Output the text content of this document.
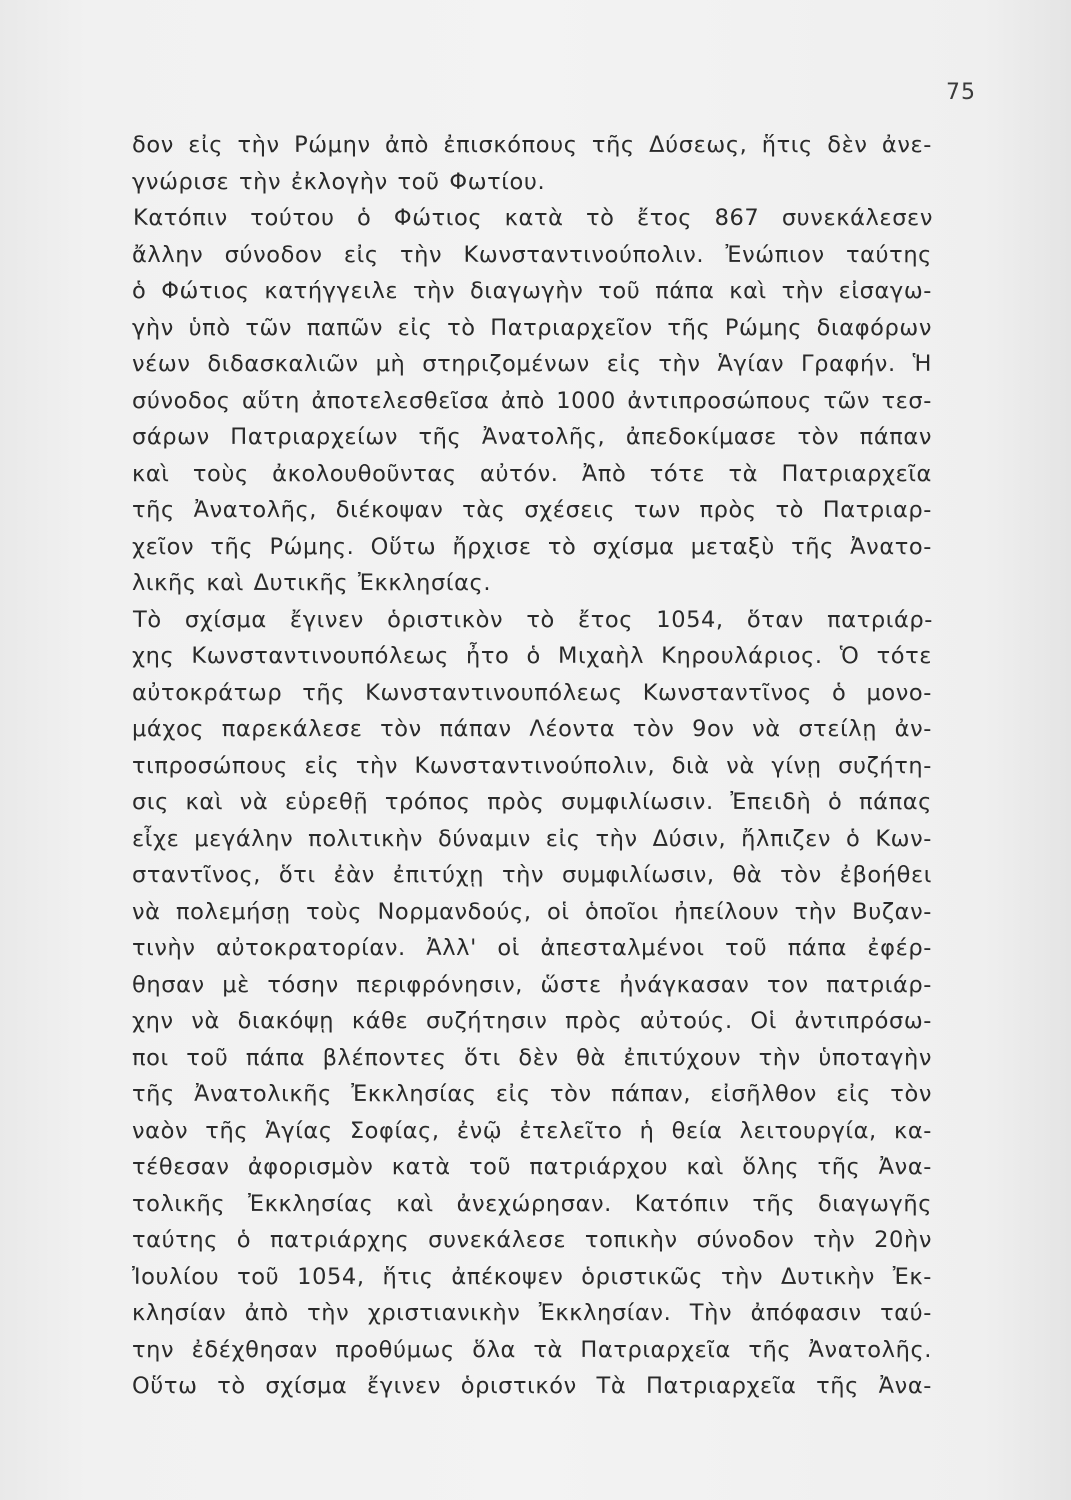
75
δον εἰς τὴν Ρώμην ἀπὸ ἐπισκόπους τῆς Δύσεως, ἥτις δὲν ἀνε-
γνώρισε τὴν ἐκλογὴν τοῦ Φωτίου.
Κατόπιν τούτου ὁ Φώτιος κατὰ τὸ ἔτος 867 συνεκάλεσεν
ἄλλην σύνοδον εἰς τὴν Κωνσταντινούπολιν. Ἐνώπιον ταύτης
ὁ Φώτιος κατήγγειλε τὴν διαγωγὴν τοῦ πάπα καὶ τὴν εἰσαγω-
γὴν ὑπὸ τῶν παπῶν εἰς τὸ Πατριαρχεῖον τῆς Ρώμης διαφόρων
νέων διδασκαλιῶν μὴ στηριζομένων εἰς τὴν Ἁγίαν Γραφήν. Ἡ
σύνοδος αὕτη ἀποτελεσθεῖσα ἀπὸ 1000 ἀντιπροσώπους τῶν τεσ-
σάρων Πατριαρχείων τῆς Ἀνατολῆς, ἀπεδοκίμασε τὸν πάπαν
καὶ τοὺς ἀκολουθοῦντας αὐτόν. Ἀπὸ τότε τὰ Πατριαρχεῖα
τῆς Ἀνατολῆς, διέκοψαν τὰς σχέσεις των πρὸς τὸ Πατριαρ-
χεῖον τῆς Ρώμης. Οὕτω ἤρχισε τὸ σχίσμα μεταξὺ τῆς Ἀνατο-
λικῆς καὶ Δυτικῆς Ἐκκλησίας.
Τὸ σχίσμα ἔγινεν ὁριστικὸν τὸ ἔτος 1054, ὅταν πατριάρ-
χης Κωνσταντινουπόλεως ἦτο ὁ Μιχαὴλ Κηρουλάριος. Ὁ τότε
αὐτοκράτωρ τῆς Κωνσταντινουπόλεως Κωνσταντῖνος ὁ μονο-
μάχος παρεκάλεσε τὸν πάπαν Λέοντα τὸν 9ον νὰ στείλῃ ἀν-
τιπροσώπους εἰς τὴν Κωνσταντινούπολιν, διὰ νὰ γίνῃ συζήτη-
σις καὶ νὰ εὑρεθῇ τρόπος πρὸς συμφιλίωσιν. Ἐπειδὴ ὁ πάπας
εἶχε μεγάλην πολιτικὴν δύναμιν εἰς τὴν Δύσιν, ἤλπιζεν ὁ Κων-
σταντῖνος, ὅτι ἐὰν ἐπιτύχῃ τὴν συμφιλίωσιν, θὰ τὸν ἐβοήθει
νὰ πολεμήσῃ τοὺς Νορμανδούς, οἱ ὁποῖοι ἠπείλουν τὴν Βυζαν-
τινὴν αὐτοκρατορίαν. Ἀλλ' οἱ ἀπεσταλμένοι τοῦ πάπα ἐφέρ-
θησαν μὲ τόσην περιφρόνησιν, ὥστε ἠνάγκασαν τον πατριάρ-
χην νὰ διακόψῃ κάθε συζήτησιν πρὸς αὐτούς. Οἱ ἀντιπρόσω-
ποι τοῦ πάπα βλέποντες ὅτι δὲν θὰ ἐπιτύχουν τὴν ὑποταγὴν
τῆς Ἀνατολικῆς Ἐκκλησίας εἰς τὸν πάπαν, εἰσῆλθον εἰς τὸν
ναὸν τῆς Ἁγίας Σοφίας, ἐνῷ ἐτελεῖτο ἡ θεία λειτουργία, κα-
τέθεσαν ἀφορισμὸν κατὰ τοῦ πατριάρχου καὶ ὅλης τῆς Ἀνα-
τολικῆς Ἐκκλησίας καὶ ἀνεχώρησαν. Κατόπιν τῆς διαγωγῆς
ταύτης ὁ πατριάρχης συνεκάλεσε τοπικὴν σύνοδον τὴν 20ὴν
Ἰουλίου τοῦ 1054, ἥτις ἀπέκοψεν ὁριστικῶς τὴν Δυτικὴν Ἐκ-
κλησίαν ἀπὸ τὴν χριστιανικὴν Ἐκκλησίαν. Τὴν ἀπόφασιν ταύ-
την ἐδέχθησαν προθύμως ὅλα τὰ Πατριαρχεῖα τῆς Ἀνατολῆς.
Οὕτω τὸ σχίσμα ἔγινεν ὁριστικόν Τὰ Πατριαρχεῖα τῆς Ἀνα-
